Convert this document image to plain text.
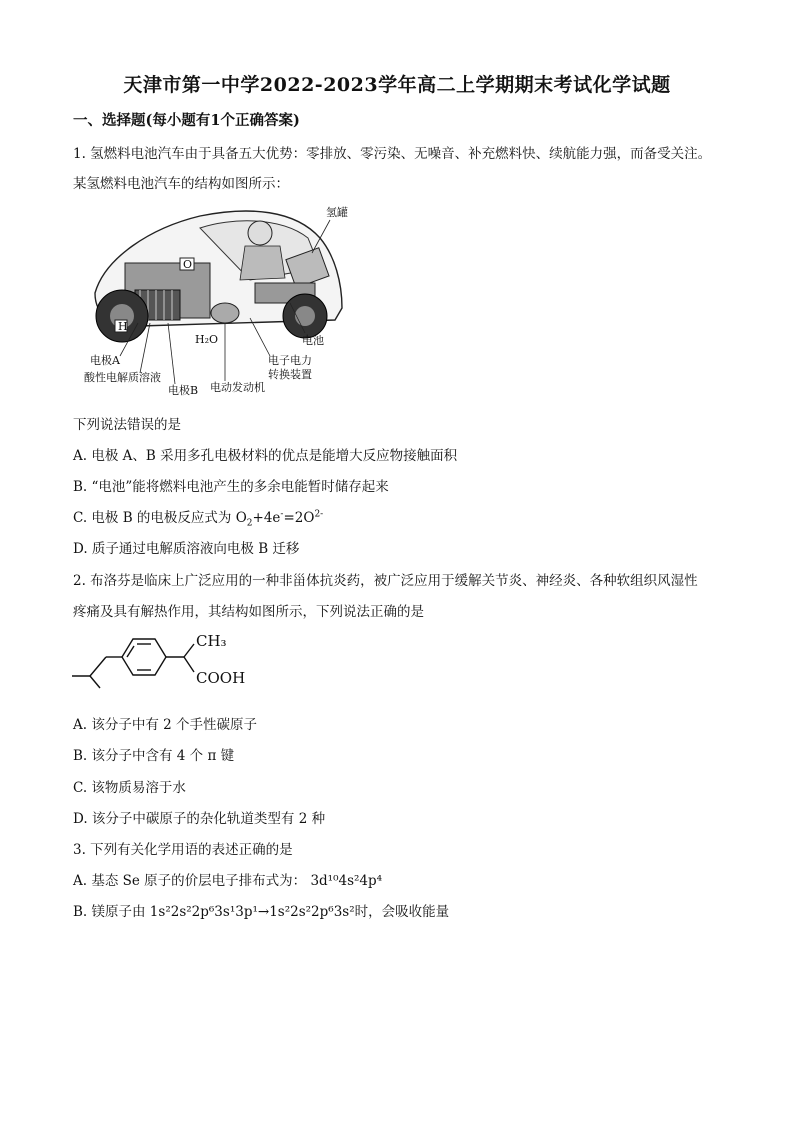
天津市第一中学2022-2023学年高二上学期期末考试化学试题
一、选择题(每小题有1个正确答案)
1. 氢燃料电池汽车由于具备五大优势：零排放、零污染、无噪音、补充燃料快、续航能力强，而备受关注。
某氢燃料电池汽车的结构如图所示：
氢罐
O
H
H₂O	电池
电极A
酸性电解质溶液
电极B 电动发动机
电子电力
转换装置
下列说法错误的是
A. 电极 A、B 采用多孔电极材料的优点是能增大反应物接触面积
B. “电池”能将燃料电池产生的多余电能暂时储存起来
C. 电极 B 的电极反应式为 $O_2+4e^-=2O^{2-}$
D. 质子通过电解质溶液向电极 B 迁移
2. 布洛芬是临床上广泛应用的一种非甾体抗炎药，被广泛应用于缓解关节炎、神经炎、各种软组织风湿性
疼痛及具有解热作用，其结构如图所示，下列说法正确的是
CH₃
COOH
A. 该分子中有 2 个手性碳原子
B. 该分子中含有 4 个 π 键
C. 该物质易溶于水
D. 该分子中碳原子的杂化轨道类型有 2 种
3. 下列有关化学用语的表述正确的是
A. 基态 Se 原子的价层电子排布式为： 3d¹⁰4s²4p⁴
B. 镁原子由 1s²2s²2p⁶3s¹3p¹→1s²2s²2p⁶3s²时，会吸收能量
